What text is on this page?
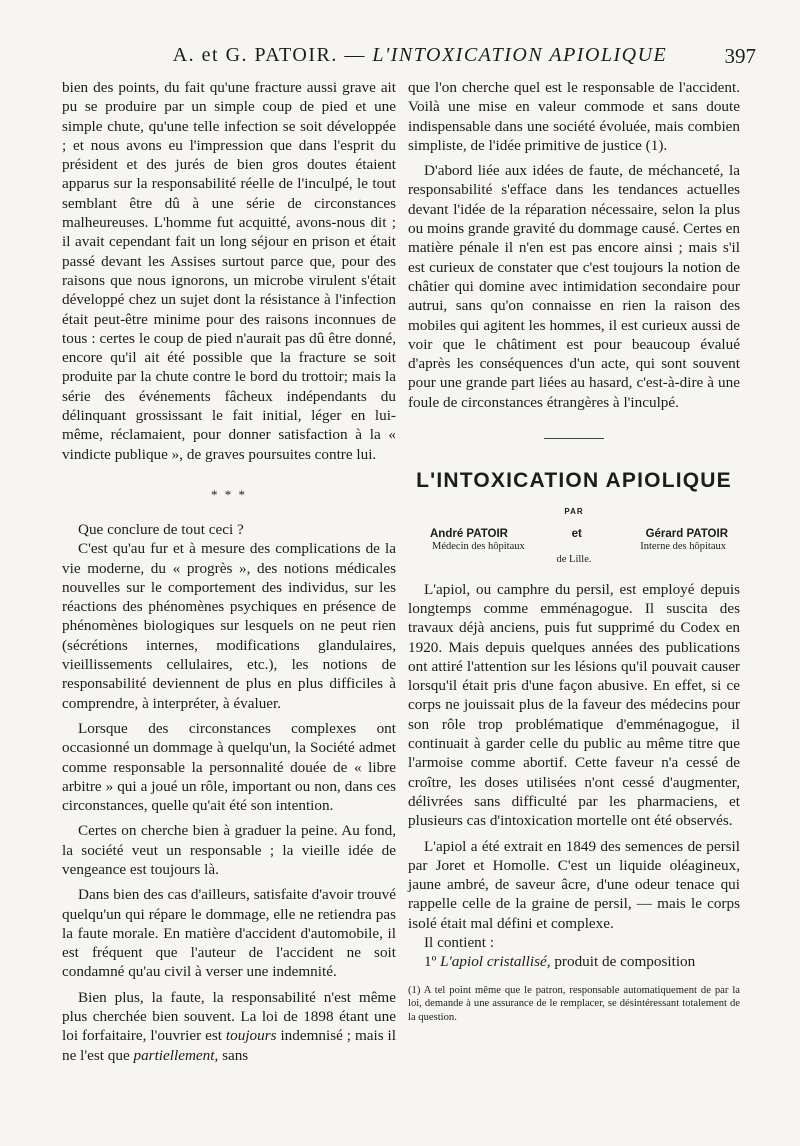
A. et G. PATOIR. — L'INTOXICATION APIOLIQUE	397

bien des points, du fait qu'une fracture aussi grave ait pu se produire par un simple coup de pied et une simple chute, qu'une telle infection se soit développée ; et nous avons eu l'impression que dans l'esprit du président et des jurés de bien gros doutes étaient apparus sur la responsabilité réelle de l'inculpé, le tout semblant être dû à une série de circonstances malheureuses. L'homme fut acquitté, avons-nous dit ; il avait cependant fait un long séjour en prison et était passé devant les Assises surtout parce que, pour des raisons que nous ignorons, un microbe virulent s'était développé chez un sujet dont la résistance à l'infection était peut-être minime pour des raisons inconnues de tous : certes le coup de pied n'aurait pas dû être donné, encore qu'il ait été possible que la fracture se soit produite par la chute contre le bord du trottoir; mais la série des événements fâcheux indépendants du délinquant grossissant le fait initial, léger en lui-même, réclamaient, pour donner satisfaction à la « vindicte publique », de graves poursuites contre lui.

* * *

Que conclure de tout ceci ?

C'est qu'au fur et à mesure des complications de la vie moderne, du « progrès », des notions médicales nouvelles sur le comportement des individus, sur les réactions des phénomènes psychiques en présence de phénomènes biologiques sur lesquels on ne peut rien (sécrétions internes, modifications glandulaires, vieillissements cellulaires, etc.), les notions de responsabilité deviennent de plus en plus difficiles à comprendre, à interpréter, à évaluer.

Lorsque des circonstances complexes ont occasionné un dommage à quelqu'un, la Société admet comme responsable la personnalité douée de « libre arbitre » qui a joué un rôle, important ou non, dans ces circonstances, quelle qu'ait été son intention.

Certes on cherche bien à graduer la peine. Au fond, la société veut un responsable ; la vieille idée de vengeance est toujours là.

Dans bien des cas d'ailleurs, satisfaite d'avoir trouvé quelqu'un qui répare le dommage, elle ne retiendra pas la faute morale. En matière d'accident d'automobile, il est fréquent que l'auteur de l'accident ne soit condamné qu'au civil à verser une indemnité.

Bien plus, la faute, la responsabilité n'est même plus cherchée bien souvent. La loi de 1898 étant une loi forfaitaire, l'ouvrier est toujours indemnisé ; mais il ne l'est que partiellement, sans

que l'on cherche quel est le responsable de l'accident. Voilà une mise en valeur commode et sans doute indispensable dans une société évoluée, mais combien simpliste, de l'idée primitive de justice (1).

D'abord liée aux idées de faute, de méchanceté, la responsabilité s'efface dans les tendances actuelles devant l'idée de la réparation nécessaire, selon la plus ou moins grande gravité du dommage causé. Certes en matière pénale il n'en est pas encore ainsi ; mais s'il est curieux de constater que c'est toujours la notion de châtier qui domine avec intimidation secondaire pour autrui, sans qu'on connaisse en rien la raison des mobiles qui agitent les hommes, il est curieux aussi de voir que le châtiment est pour beaucoup évalué d'après les conséquences d'un acte, qui sont souvent pour une grande part liées au hasard, c'est-à-dire à une foule de circonstances étrangères à l'inculpé.

L'INTOXICATION APIOLIQUE
PAR
André PATOIR	et	Gérard PATOIR
Médecin des hôpitaux	Interne des hôpitaux
de Lille.

L'apiol, ou camphre du persil, est employé depuis longtemps comme emménagogue. Il suscita des travaux déjà anciens, puis fut supprimé du Codex en 1920. Mais depuis quelques années des publications ont attiré l'attention sur les lésions qu'il pouvait causer lorsqu'il était pris d'une façon abusive. En effet, si ce corps ne jouissait plus de la faveur des médecins pour son rôle trop problématique d'emménagogue, il continuait à garder celle du public au même titre que l'armoise comme abortif. Cette faveur n'a cessé de croître, les doses utilisées n'ont cessé d'augmenter, délivrées sans difficulté par les pharmaciens, et plusieurs cas d'intoxication mortelle ont été observés.

L'apiol a été extrait en 1849 des semences de persil par Joret et Homolle. C'est un liquide oléagineux, jaune ambré, de saveur âcre, d'une odeur tenace qui rappelle celle de la graine de persil, — mais le corps isolé était mal défini et complexe.

Il contient :

1º L'apiol cristallisé, produit de composition

(1) A tel point même que le patron, responsable automatiquement de par la loi, demande à une assurance de le remplacer, se désintéressant totalement de la question.
